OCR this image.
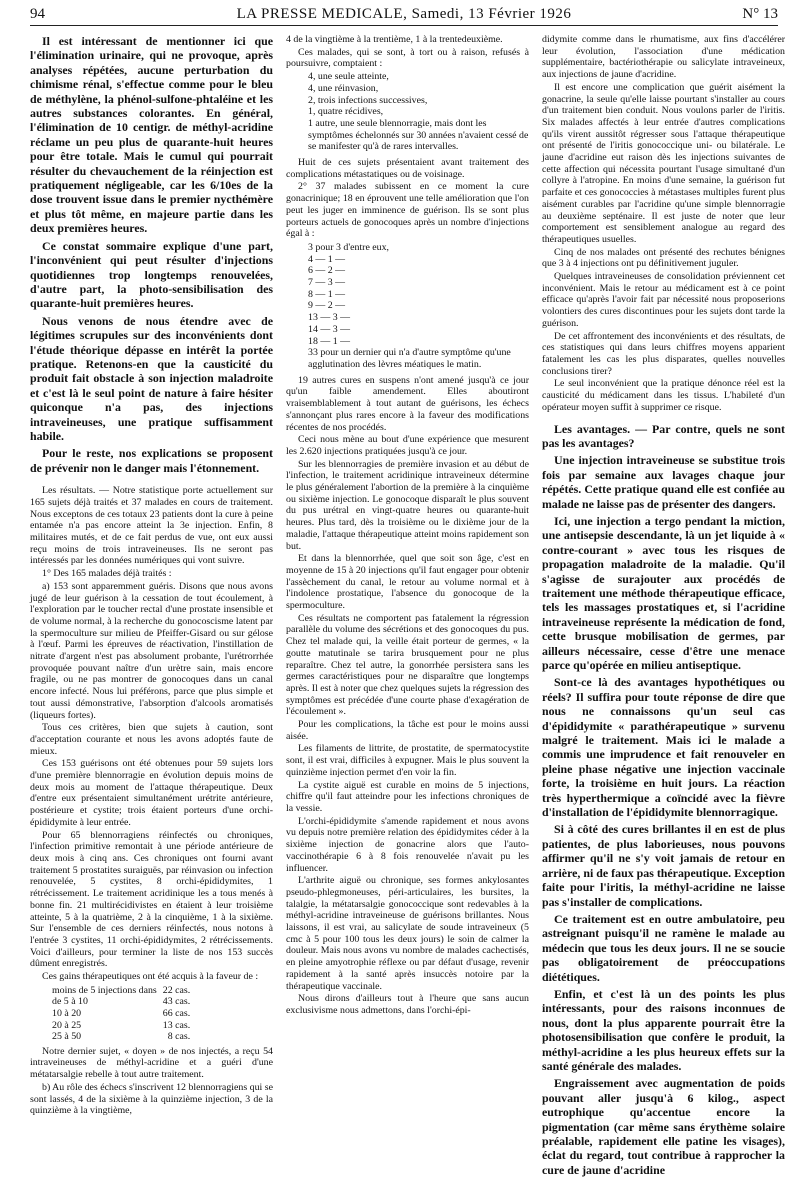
94	LA PRESSE MEDICALE, Samedi, 13 Février 1926	N° 13

Il est intéressant de mentionner ici que l'élimination urinaire, qui ne provoque, après analyses répétées, aucune perturbation du chimisme rénal, s'effectue comme pour le bleu de méthylène, la phénol-sulfone-phtaléine et les autres substances colorantes. En général, l'élimination de 10 centigr. de méthyl-acridine réclame un peu plus de quarante-huit heures pour être totale. Mais le cumul qui pourrait résulter du chevauchement de la réinjection est pratiquement négligeable, car les 6/10es de la dose trouvent issue dans le premier nycthémère et plus tôt même, en majeure partie dans les deux premières heures.

Ce constat sommaire explique d'une part, l'inconvénient qui peut résulter d'injections quotidiennes trop longtemps renouvelées, d'autre part, la photo-sensibilisation des quarante-huit premières heures.

Nous venons de nous étendre avec de légitimes scrupules sur des inconvénients dont l'étude théorique dépasse en intérêt la portée pratique. Retenons-en que la causticité du produit fait obstacle à son injection maladroite et c'est là le seul point de nature à faire hésiter quiconque n'a pas, des injections intraveineuses, une pratique suffisamment habile.

Pour le reste, nos explications se proposent de prévenir non le danger mais l'étonnement.

Les résultats. — Notre statistique porte actuellement sur 165 sujets déjà traités et 37 malades en cours de traitement. Nous exceptons de ces totaux 23 patients dont la cure à peine entamée n'a pas encore atteint la 3e injection. Enfin, 8 militaires mutés, et de ce fait perdus de vue, ont eux aussi reçu moins de trois intraveineuses. Ils ne seront pas intéressés par les données numériques qui vont suivre.

1° Des 165 malades déjà traités :

a) 153 sont apparemment guéris. Disons que nous avons jugé de leur guérison à la cessation de tout écoulement, à l'exploration par le toucher rectal d'une prostate insensible et de volume normal, à la recherche du gonocoscisme latent par la spermoculture sur milieu de Pfeiffer-Gisard ou sur gélose à l'œuf. Parmi les épreuves de réactivation, l'instillation de nitrate d'argent n'est pas absolument probante, l'urétrorrhée provoquée pouvant naître d'un urètre sain, mais encore fragile, ou ne pas montrer de gonocoques dans un canal encore infecté. Nous lui préférons, parce que plus simple et tout aussi démonstrative, l'absorption d'alcools aromatisés (liqueurs fortes).

Tous ces critères, bien que sujets à caution, sont d'acceptation courante et nous les avons adoptés faute de mieux.

Ces 153 guérisons ont été obtenues pour 59 sujets lors d'une première blennorragie en évolution depuis moins de deux mois au moment de l'attaque thérapeutique. Deux d'entre eux présentaient simultanément urétrite antérieure, postérieure et cystite; trois étaient porteurs d'une orchi-épididymite à leur entrée.

Pour 65 blennorragiens réinfectés ou chroniques, l'infection primitive remontait à une période antérieure de deux mois à cinq ans. Ces chroniques ont fourni avant traitement 5 prostatites suraiguës, par réinvasion ou infection renouvelée, 5 cystites, 8 orchi-épididymites, 1 rétrécissement. Le traitement acridinique les a tous menés à bonne fin. 21 multirécidivistes en étaient à leur troisième atteinte, 5 à la quatrième, 2 à la cinquième, 1 à la sixième. Sur l'ensemble de ces derniers réinfectés, nous notons à l'entrée 3 cystites, 11 orchi-épididymites, 2 rétrécissements. Voici d'ailleurs, pour terminer la liste de nos 153 succès dûment enregistrés.

Ces gains thérapeutiques ont été acquis à la faveur de :

moins de 5 injections dans	22 cas.
de 5 à 10	43 cas.
10 à 20	66 cas.
20 à 25	13 cas.
25 à 50	8 cas.

Notre dernier sujet, « doyen » de nos injectés, a reçu 54 intraveineuses de méthyl-acridine et a guéri d'une métatarsalgie rebelle à tout autre traitement.

b) Au rôle des échecs s'inscrivent 12 blennorragiens qui se sont lassés, 4 de la sixième à la quinzième injection, 3 de la quinzième à la vingtième,

4 de la vingtième à la trentième, 1 à la trentedeuxième.

Ces malades, qui se sont, à tort ou à raison, refusés à poursuivre, comptaient :

4, une seule atteinte,
4, une réinvasion,
2, trois infections successives,
1, quatre récidives,
1 autre, une seule blennorragie, mais dont les symptômes échelonnés sur 30 années n'avaient cessé de se manifester qu'à de rares intervalles.

Huit de ces sujets présentaient avant traitement des complications métastatiques ou de voisinage.

2° 37 malades subissent en ce moment la cure gonacrinique; 18 en éprouvent une telle amélioration que l'on peut les juger en imminence de guérison. Ils se sont plus porteurs actuels de gonocoques après un nombre d'injections égal à :

3 pour 3 d'entre eux,
4 — 1 —
6 — 2 —
7 — 3 —
8 — 1 —
9 — 2 —
13 — 3 —
14 — 3 —
18 — 1 —
33 pour un dernier qui n'a d'autre symptôme qu'une agglutination des lèvres méatiques le matin.

19 autres cures en suspens n'ont amené jusqu'à ce jour qu'un faible amendement. Elles aboutiront vraisemblablement à tout autant de guérisons, les échecs s'annonçant plus rares encore à la faveur des modifications récentes de nos procédés.

Ceci nous mène au bout d'une expérience que mesurent les 2.620 injections pratiquées jusqu'à ce jour.

Sur les blennorragies de première invasion et au début de l'infection, le traitement acridinique intraveineux détermine le plus généralement l'abortion de la première à la cinquième ou sixième injection. Le gonocoque disparaît le plus souvent du pus urétral en vingt-quatre heures ou quarante-huit heures. Plus tard, dès la troisième ou le dixième jour de la maladie, l'attaque thérapeutique atteint moins rapidement son but.

Et dans la blennorrhée, quel que soit son âge, c'est en moyenne de 15 à 20 injections qu'il faut engager pour obtenir l'assèchement du canal, le retour au volume normal et à l'indolence prostatique, l'absence du gonocoque de la spermoculture.

Ces résultats ne comportent pas fatalement la régression parallèle du volume des sécrétions et des gonocoques du pus. Chez tel malade qui, la veille était porteur de germes, « la goutte matutinale se tarira brusquement pour ne plus reparaître. Chez tel autre, la gonorrhée persistera sans les germes caractéristiques pour ne disparaître que longtemps après. Il est à noter que chez quelques sujets la régression des symptômes est précédée d'une courte phase d'exagération de l'écoulement ».

Pour les complications, la tâche est pour le moins aussi aisée.

Les filaments de littrite, de prostatite, de spermatocystite sont, il est vrai, difficiles à expugner. Mais le plus souvent la quinzième injection permet d'en voir la fin.

La cystite aiguë est curable en moins de 5 injections, chiffre qu'il faut atteindre pour les infections chroniques de la vessie.

L'orchi-épididymite s'amende rapidement et nous avons vu depuis notre première relation des épididymites céder à la sixième injection de gonacrine alors que l'auto-vaccinothérapie 6 à 8 fois renouvelée n'avait pu les influencer.

L'arthrite aiguë ou chronique, ses formes ankylosantes pseudo-phlegmoneuses, péri-articulaires, les bursites, la talalgie, la métatarsalgie gonococcique sont redevables à la méthyl-acridine intraveineuse de guérisons brillantes. Nous laissons, il est vrai, au salicylate de soude intraveineux (5 cmc à 5 pour 100 tous les deux jours) le soin de calmer la douleur. Mais nous avons vu nombre de malades cachectisés, en pleine amyotrophie réflexe ou par défaut d'usage, revenir rapidement à la santé après insuccès notoire par la thérapeutique vaccinale.

Nous dirons d'ailleurs tout à l'heure que sans aucun exclusivisme nous admettons, dans l'orchi-épi-

didymite comme dans le rhumatisme, aux fins d'accélérer leur évolution, l'association d'une médication supplémentaire, bactériothérapie ou salicylate intraveineux, aux injections de jaune d'acridine.

Il est encore une complication que guérit aisément la gonacrine, la seule qu'elle laisse pourtant s'installer au cours d'un traitement bien conduit. Nous voulons parler de l'iritis. Six malades affectés à leur entrée d'autres complications qu'ils virent aussitôt régresser sous l'attaque thérapeutique ont présenté de l'iritis gonococcique uni- ou bilatérale. Le jaune d'acridine eut raison dès les injections suivantes de cette affection qui nécessita pourtant l'usage simultané d'un collyre à l'atropine. En moins d'une semaine, la guérison fut parfaite et ces gonococcies à métastases multiples furent plus aisément curables par l'acridine qu'une simple blennorragie au deuxième septénaire. Il est juste de noter que leur comportement est sensiblement analogue au regard des thérapeutiques usuelles.

Cinq de nos malades ont présenté des rechutes bénignes que 3 à 4 injections ont pu définitivement juguler.

Quelques intraveineuses de consolidation préviennent cet inconvénient. Mais le retour au médicament est à ce point efficace qu'après l'avoir fait par nécessité nous proposerions volontiers des cures discontinues pour les sujets dont tarde la guérison.

De cet affrontement des inconvénients et des résultats, de ces statistiques qui dans leurs chiffres moyens apparient fatalement les cas les plus disparates, quelles nouvelles conclusions tirer?

Le seul inconvénient que la pratique dénonce réel est la causticité du médicament dans les tissus. L'habileté d'un opérateur moyen suffit à supprimer ce risque.

Les avantages. — Par contre, quels ne sont pas les avantages?

Une injection intraveineuse se substitue trois fois par semaine aux lavages chaque jour répétés. Cette pratique quand elle est confiée au malade ne laisse pas de présenter des dangers.

Ici, une injection a tergo pendant la miction, une antisepsie descendante, là un jet liquide à « contre-courant » avec tous les risques de propagation maladroite de la maladie. Qu'il s'agisse de surajouter aux procédés de traitement une méthode thérapeutique efficace, tels les massages prostatiques et, si l'acridine intraveineuse représente la médication de fond, cette brusque mobilisation de germes, par ailleurs nécessaire, cesse d'être une menace parce qu'opérée en milieu antiseptique.

Sont-ce là des avantages hypothétiques ou réels? Il suffira pour toute réponse de dire que nous ne connaissons qu'un seul cas d'épididymite « parathérapeutique » survenu malgré le traitement. Mais ici le malade a commis une imprudence et fait renouveler en pleine phase négative une injection vaccinale forte, la troisième en huit jours. La réaction très hyperthermique a coïncidé avec la fièvre d'installation de l'épididymite blennorragique.

Si à côté des cures brillantes il en est de plus patientes, de plus laborieuses, nous pouvons affirmer qu'il ne s'y voit jamais de retour en arrière, ni de faux pas thérapeutique. Exception faite pour l'iritis, la méthyl-acridine ne laisse pas s'installer de complications.

Ce traitement est en outre ambulatoire, peu astreignant puisqu'il ne ramène le malade au médecin que tous les deux jours. Il ne se soucie pas obligatoirement de préoccupations diététiques.

Enfin, et c'est là un des points les plus intéressants, pour des raisons inconnues de nous, dont la plus apparente pourrait être la photosensibilisation que confère le produit, la méthyl-acridine a les plus heureux effets sur la santé générale des malades.

Engraissement avec augmentation de poids pouvant aller jusqu'à 6 kilog., aspect eutrophique qu'accentue encore la pigmentation (car même sans érythème solaire préalable, rapidement elle patine les visages), éclat du regard, tout contribue à rapprocher la cure de jaune d'acridine
